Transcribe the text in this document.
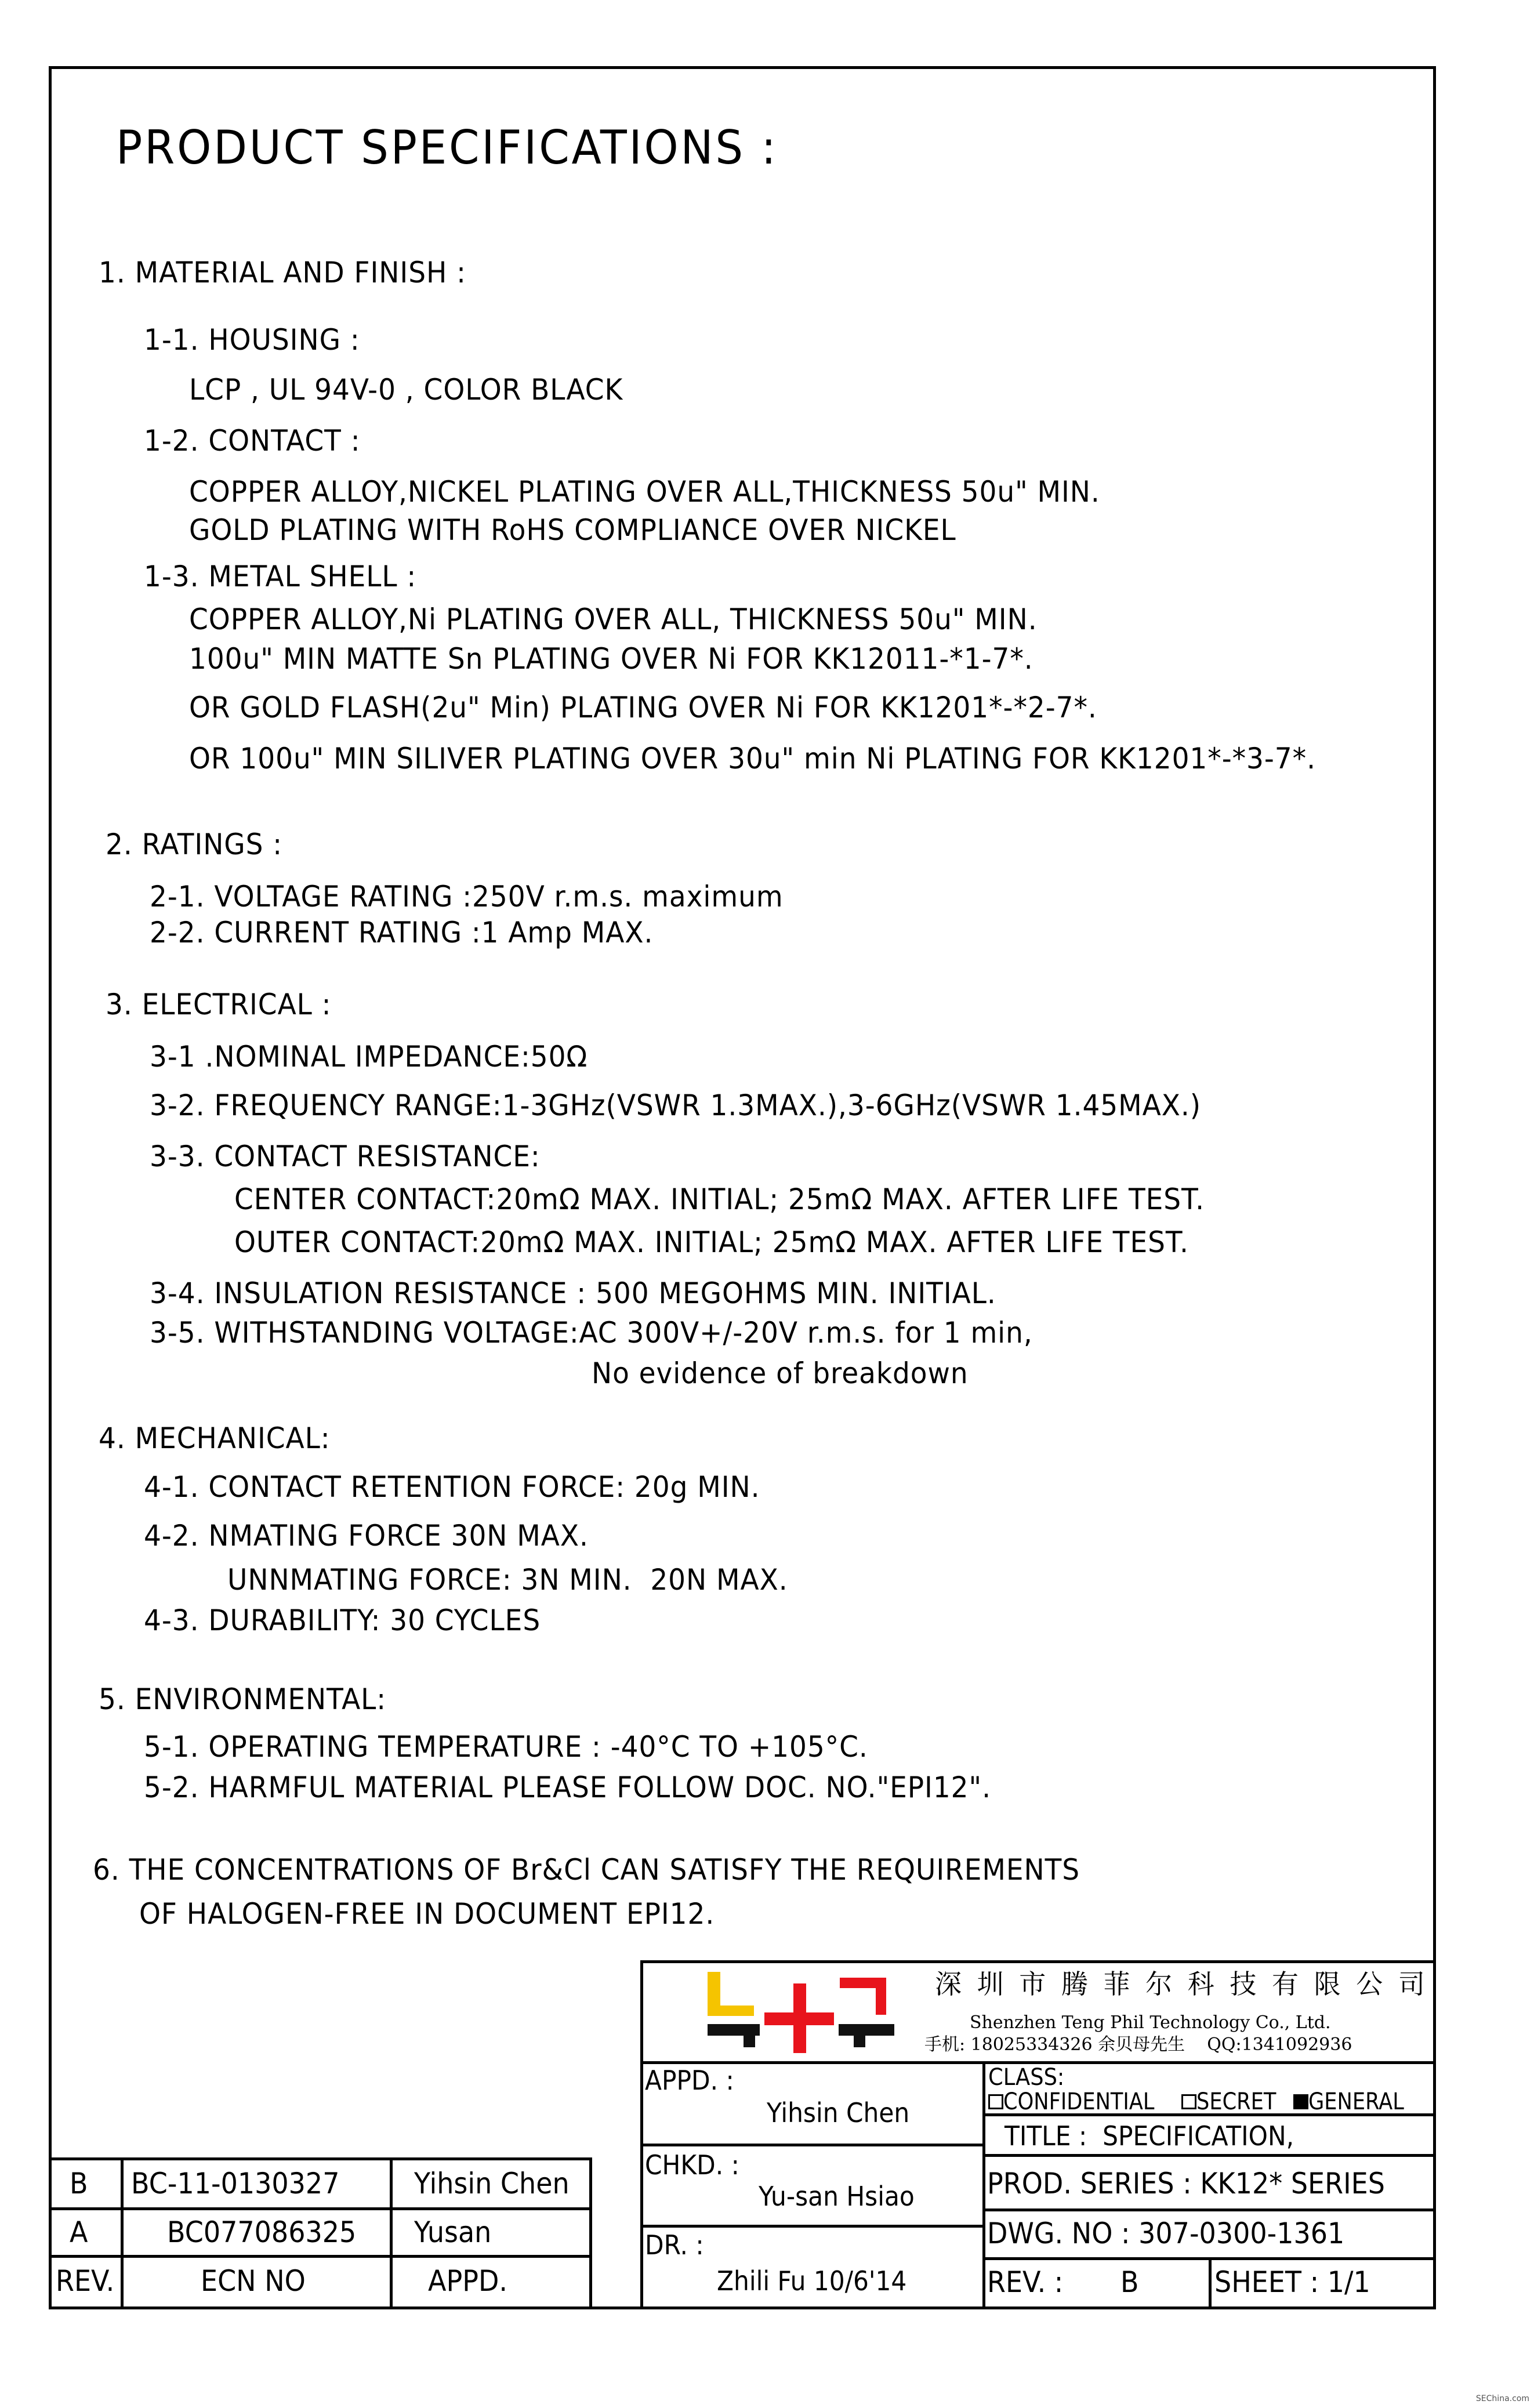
PRODUCT SPECIFICATIONS :
1. MATERIAL AND FINISH :
1-1. HOUSING :
LCP , UL 94V-0 , COLOR BLACK
1-2. CONTACT :
COPPER ALLOY,NICKEL PLATING OVER ALL,THICKNESS 50u" MIN.
GOLD PLATING WITH RoHS COMPLIANCE OVER NICKEL
1-3. METAL SHELL :
COPPER ALLOY,Ni PLATING OVER ALL, THICKNESS 50u" MIN.
100u" MIN MATTE Sn PLATING OVER Ni FOR KK12011-*1-7*.
OR GOLD FLASH(2u" Min) PLATING OVER Ni FOR KK1201*-*2-7*.
OR 100u" MIN SILIVER PLATING OVER 30u" min Ni PLATING FOR KK1201*-*3-7*.
2. RATINGS :
2-1. VOLTAGE RATING :250V r.m.s. maximum
2-2. CURRENT RATING :1 Amp MAX.
3. ELECTRICAL :
3-1 .NOMINAL IMPEDANCE:50Ω
3-2. FREQUENCY RANGE:1-3GHz(VSWR 1.3MAX.),3-6GHz(VSWR 1.45MAX.)
3-3. CONTACT RESISTANCE:
CENTER CONTACT:20mΩ MAX. INITIAL; 25mΩ MAX. AFTER LIFE TEST.
OUTER CONTACT:20mΩ MAX. INITIAL; 25mΩ MAX. AFTER LIFE TEST.
3-4. INSULATION RESISTANCE : 500 MEGOHMS MIN. INITIAL.
3-5. WITHSTANDING VOLTAGE:AC 300V+/-20V r.m.s. for 1 min,
No evidence of breakdown
4. MECHANICAL:
4-1. CONTACT RETENTION FORCE: 20g MIN.
4-2. NMATING FORCE 30N MAX.
UNNMATING FORCE: 3N MIN.  20N MAX.
4-3. DURABILITY: 30 CYCLES
5. ENVIRONMENTAL:
5-1. OPERATING TEMPERATURE : -40°C TO +105°C.
5-2. HARMFUL MATERIAL PLEASE FOLLOW DOC. NO."EPI12".
6. THE CONCENTRATIONS OF Br&Cl CAN SATISFY THE REQUIREMENTS
OF HALOGEN-FREE IN DOCUMENT EPI12.
深 圳 市 腾 菲 尔 科 技 有 限 公 司
Shenzhen Teng Phil Technology Co., Ltd.
手机: 18025334326 余贝母先生    QQ:1341092936
APPD. :
Yihsin Chen
CHKD. :
Yu-san Hsiao
DR. :
Zhili Fu 10/6'14
CLASS:
CONFIDENTIAL SECRET GENERAL
TITLE :  SPECIFICATION,
PROD. SERIES : KK12* SERIES
DWG. NO : 307-0300-1361
REV. : B	SHEET : 1/1
B BC-11-0130327	Yihsin Chen
A	BC077086325 Yusan
REV.	ECN NO	APPD.
SEChina.com
